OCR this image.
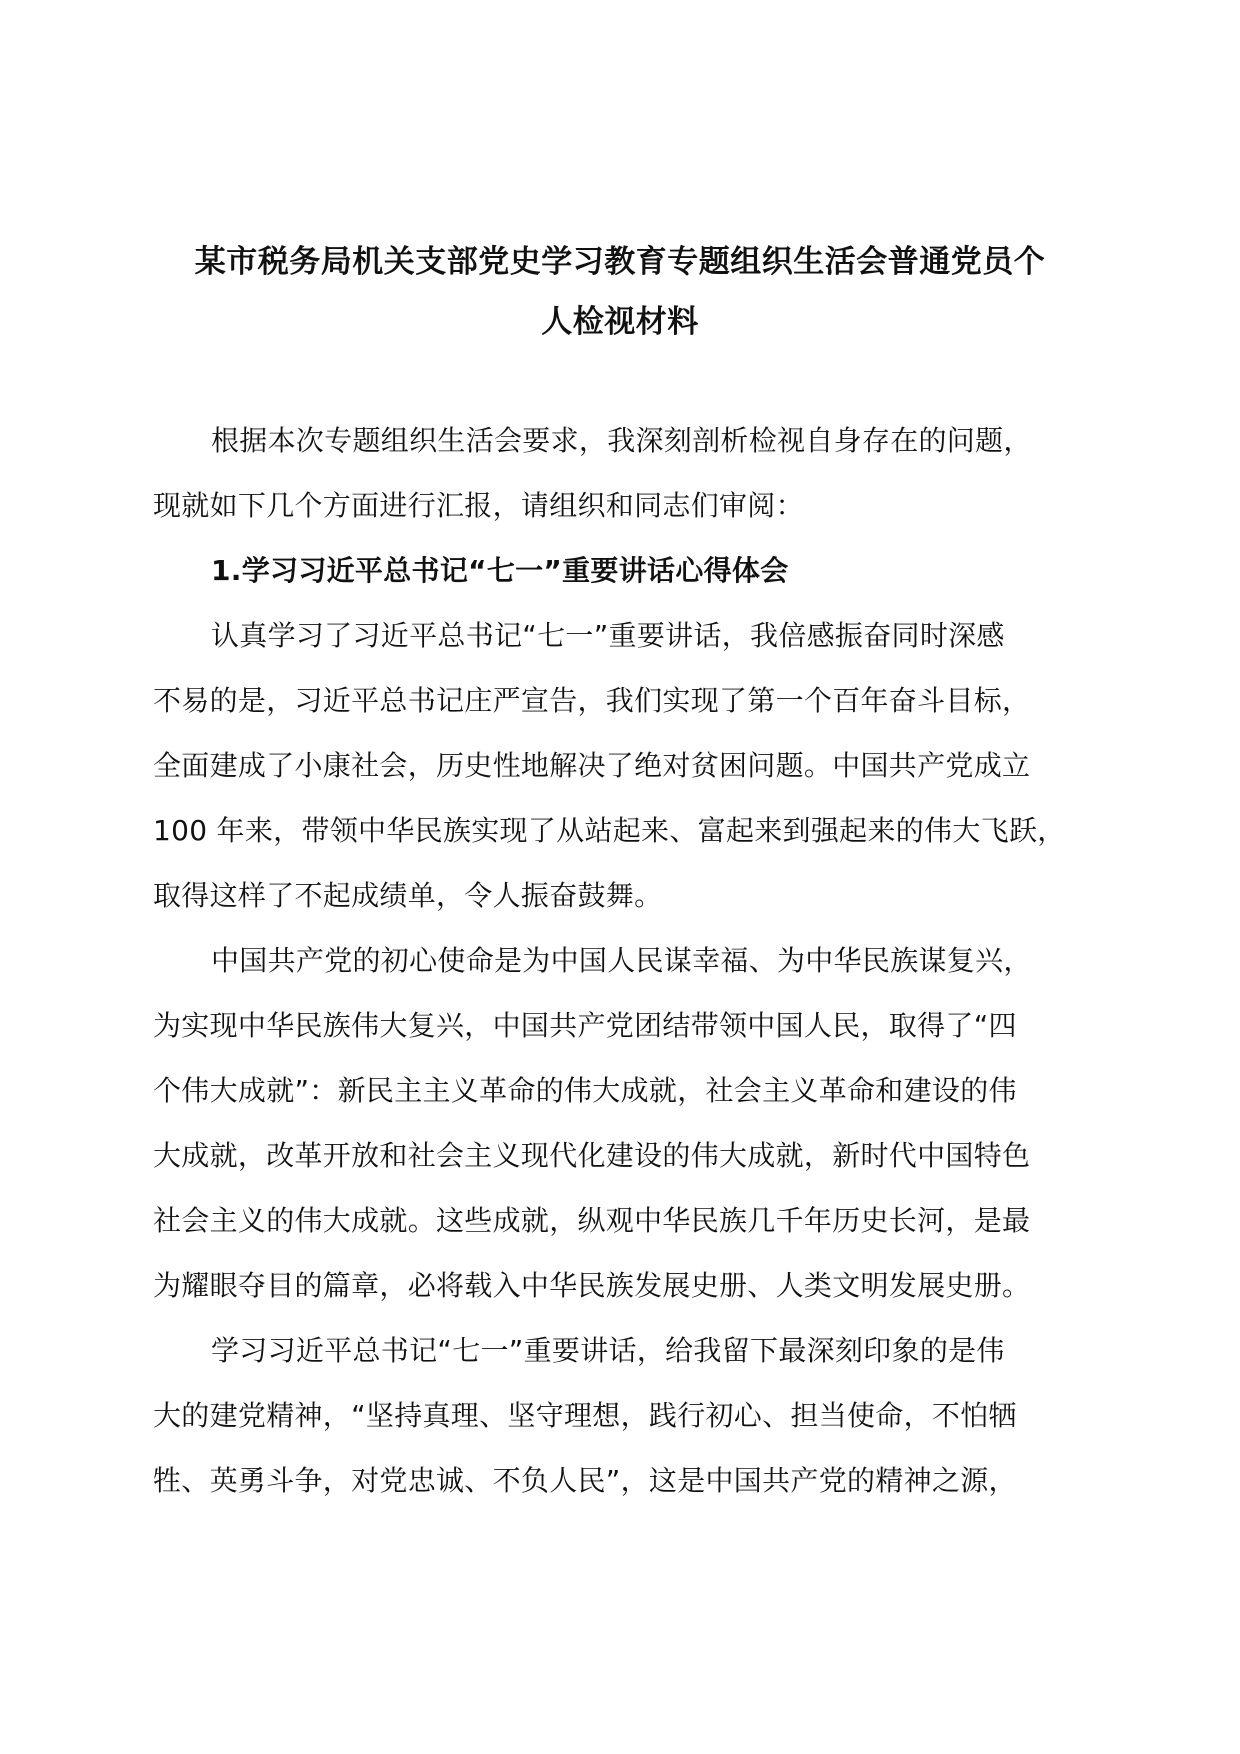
某市税务局机关支部党史学习教育专题组织生活会普通党员个
人检视材料
根据本次专题组织生活会要求，我深刻剖析检视自身存在的问题，
现就如下几个方面进行汇报，请组织和同志们审阅：
1.学习习近平总书记“七一”重要讲话心得体会
认真学习了习近平总书记“七一”重要讲话，我倍感振奋同时深感
不易的是，习近平总书记庄严宣告，我们实现了第一个百年奋斗目标，
全面建成了小康社会，历史性地解决了绝对贫困问题。中国共产党成立
100 年来，带领中华民族实现了从站起来、富起来到强起来的伟大飞跃，
取得这样了不起成绩单，令人振奋鼓舞。
中国共产党的初心使命是为中国人民谋幸福、为中华民族谋复兴，
为实现中华民族伟大复兴，中国共产党团结带领中国人民，取得了“四
个伟大成就”：新民主主义革命的伟大成就，社会主义革命和建设的伟
大成就，改革开放和社会主义现代化建设的伟大成就，新时代中国特色
社会主义的伟大成就。这些成就，纵观中华民族几千年历史长河，是最
为耀眼夺目的篇章，必将载入中华民族发展史册、人类文明发展史册。
学习习近平总书记“七一”重要讲话，给我留下最深刻印象的是伟
大的建党精神，“坚持真理、坚守理想，践行初心、担当使命，不怕牺
牲、英勇斗争，对党忠诚、不负人民”，这是中国共产党的精神之源，
